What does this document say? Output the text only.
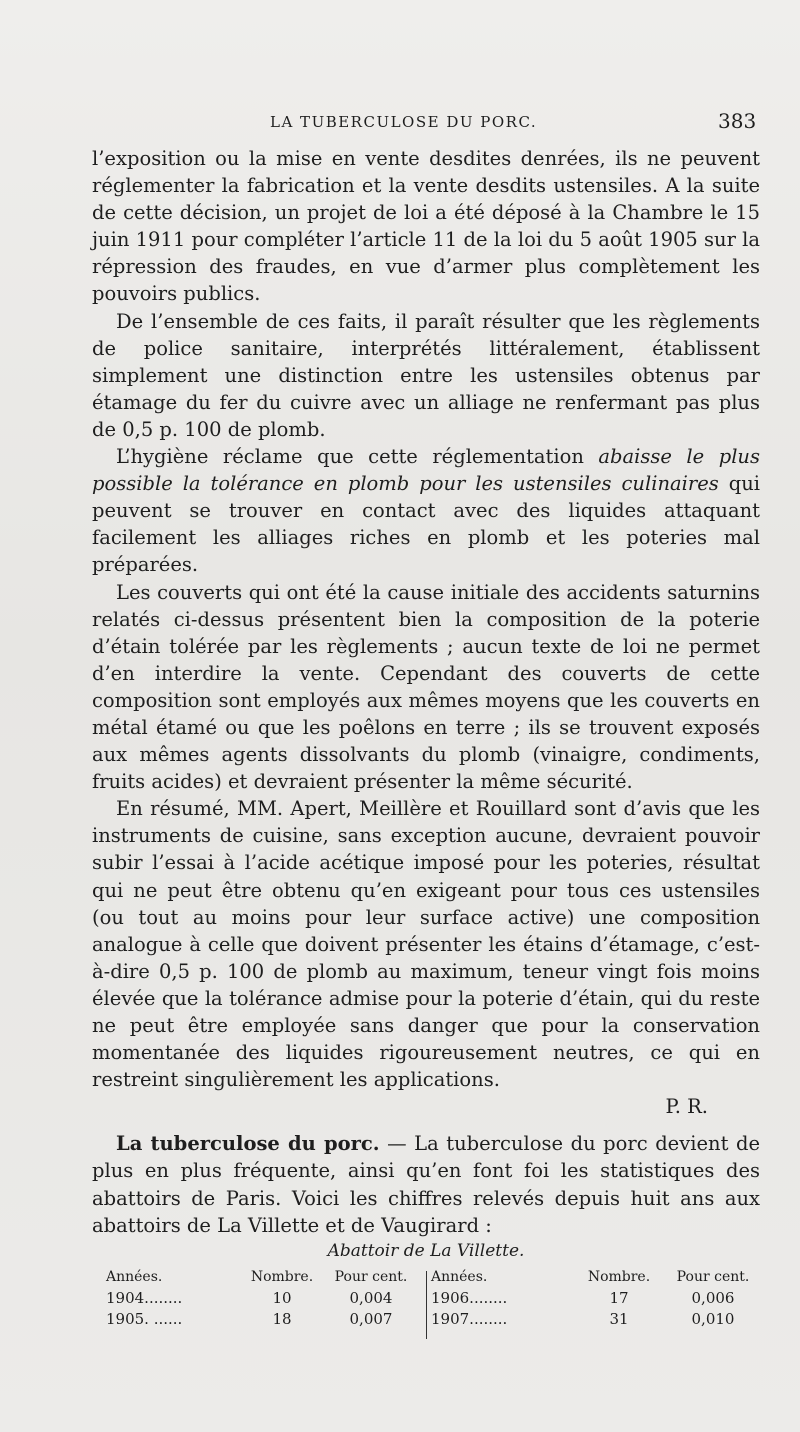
LA TUBERCULOSE DU PORC.	383

l’exposition ou la mise en vente desdites denrées, ils ne peuvent réglementer la fabrication et la vente desdits ustensiles. A la suite de cette décision, un projet de loi a été déposé à la Chambre le 15 juin 1911 pour compléter l’article 11 de la loi du 5 août 1905 sur la répression des fraudes, en vue d’armer plus complètement les pouvoirs publics.

De l’ensemble de ces faits, il paraît résulter que les règlements de police sanitaire, interprétés littéralement, établissent simplement une distinction entre les ustensiles obtenus par étamage du fer du cuivre avec un alliage ne renfermant pas plus de 0,5 p. 100 de plomb.

L’hygiène réclame que cette réglementation abaisse le plus possible la tolérance en plomb pour les ustensiles culinaires qui peuvent se trouver en contact avec des liquides attaquant facilement les alliages riches en plomb et les poteries mal préparées.

Les couverts qui ont été la cause initiale des accidents saturnins relatés ci-dessus présentent bien la composition de la poterie d’étain tolérée par les règlements ; aucun texte de loi ne permet d’en interdire la vente. Cependant des couverts de cette composition sont employés aux mêmes moyens que les couverts en métal étamé ou que les poêlons en terre ; ils se trouvent exposés aux mêmes agents dissolvants du plomb (vinaigre, condiments, fruits acides) et devraient présenter la même sécurité.

En résumé, MM. Apert, Meillère et Rouillard sont d’avis que les instruments de cuisine, sans exception aucune, devraient pouvoir subir l’essai à l’acide acétique imposé pour les poteries, résultat qui ne peut être obtenu qu’en exigeant pour tous ces ustensiles (ou tout au moins pour leur surface active) une composition analogue à celle que doivent présenter les étains d’étamage, c’est-à-dire 0,5 p. 100 de plomb au maximum, teneur vingt fois moins élevée que la tolérance admise pour la poterie d’étain, qui du reste ne peut être employée sans danger que pour la conservation momentanée des liquides rigoureusement neutres, ce qui en restreint singulièrement les applications.

P. R.

La tuberculose du porc. — La tuberculose du porc devient de plus en plus fréquente, ainsi qu’en font foi les statistiques des abattoirs de Paris. Voici les chiffres relevés depuis huit ans aux abattoirs de La Villette et de Vaugirard :

Abattoir de La Villette.
Années.	Nombre.	Pour cent.
1904........	10	0,004
1905. ......	18	0,007
Années.	Nombre.	Pour cent.
1906........	17	0,006
1907........	31	0,010
